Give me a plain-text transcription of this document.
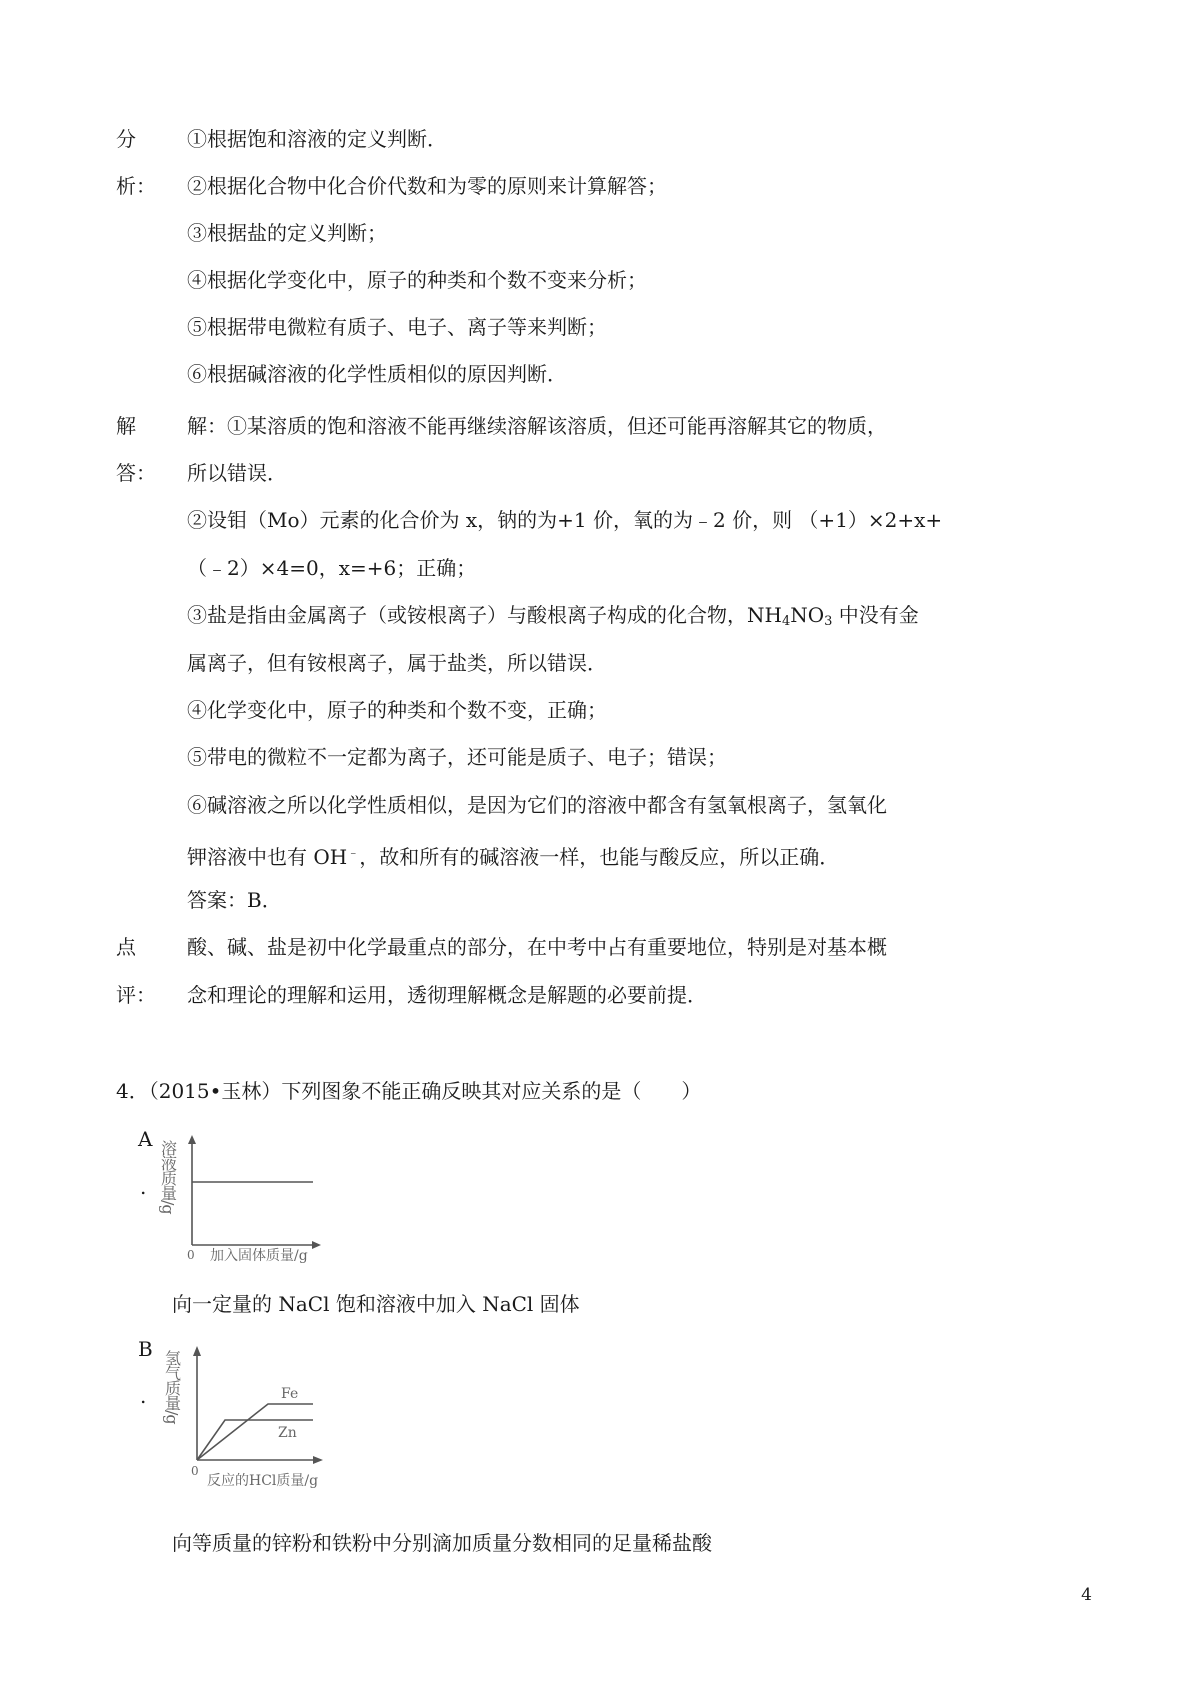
分
析：
①根据饱和溶液的定义判断．
②根据化合物中化合价代数和为零的原则来计算解答；
③根据盐的定义判断；
④根据化学变化中，原子的种类和个数不变来分析；
⑤根据带电微粒有质子、电子、离子等来判断；
⑥根据碱溶液的化学性质相似的原因判断．
解
答：
解：①某溶质的饱和溶液不能再继续溶解该溶质，但还可能再溶解其它的物质，
所以错误．
②设钼（Mo）元素的化合价为 x，钠的为+1 价，氧的为﹣2 价，则 （+1）×2+x+
（﹣2）×4=0，x=+6；正确；
③盐是指由金属离子（或铵根离子）与酸根离子构成的化合物，$NH_4NO_3$ 中没有金
属离子，但有铵根离子，属于盐类，所以错误．
④化学变化中，原子的种类和个数不变，正确；
⑤带电的微粒不一定都为离子，还可能是质子、电子；错误；
⑥碱溶液之所以化学性质相似，是因为它们的溶液中都含有氢氧根离子，氢氧化
钾溶液中也有 OH﹣，故和所有的碱溶液一样，也能与酸反应，所以正确．
答案：B．
点
评：
酸、碱、盐是初中化学最重点的部分，在中考中占有重要地位，特别是对基本概
念和理论的理解和运用，透彻理解概念是解题的必要前提．
4．（2015•玉林）下列图象不能正确反映其对应关系的是（　　）
A
. 溶液质量/g
0 加入固体质量/g
向一定量的 NaCl 饱和溶液中加入 NaCl 固体
B
. 氢气质量/g	Fe
Zn
0
反应的HCl质量/g
向等质量的锌粉和铁粉中分别滴加质量分数相同的足量稀盐酸
4
